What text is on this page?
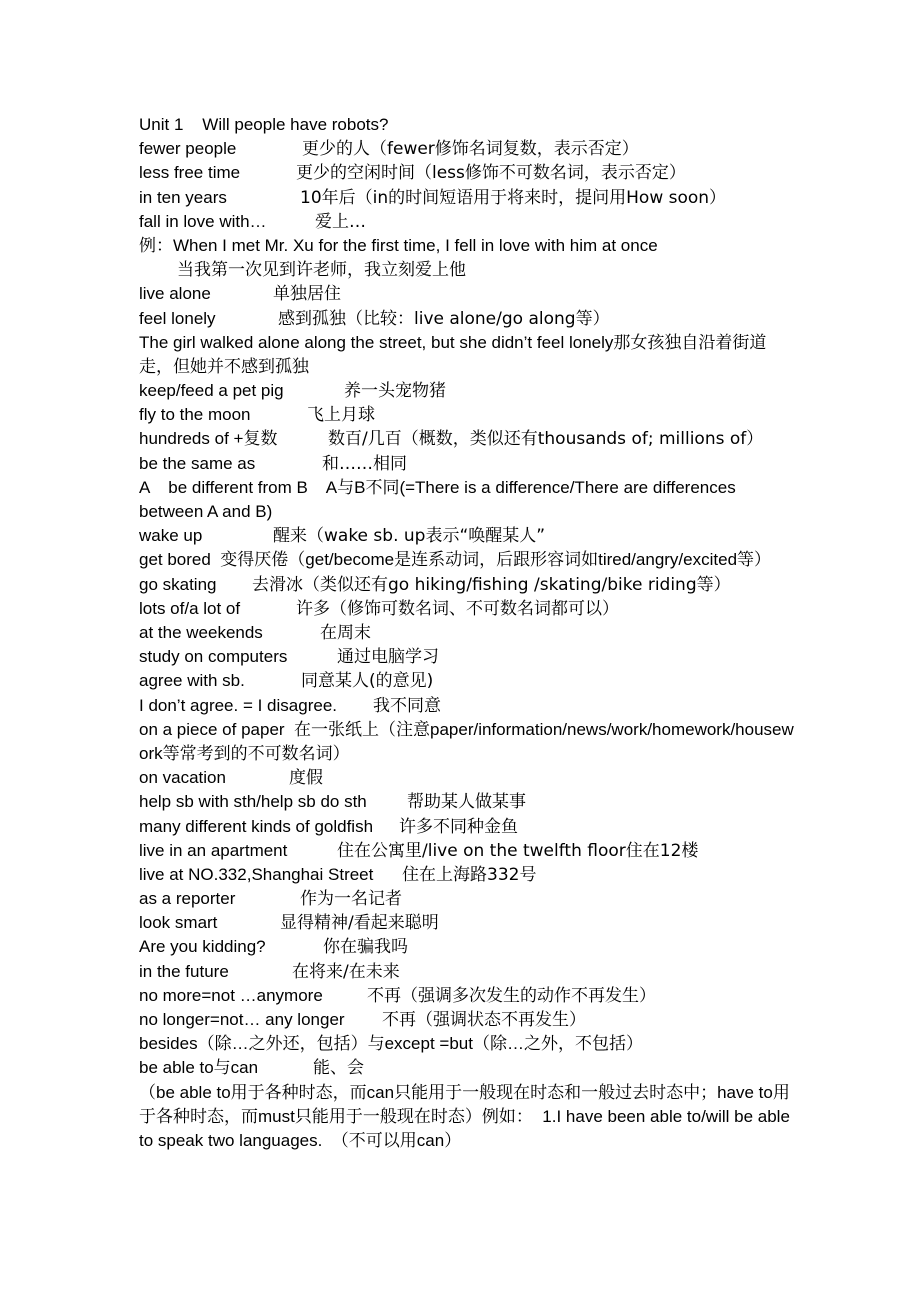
Unit 1    Will people have robots?
fewer people	更少的人（fewer修饰名词复数，表示否定）
less free time	更少的空闲时间（less修饰不可数名词，表示否定）
in ten years	10年后（in的时间短语用于将来时，提问用How soon）
fall in love with…	爱上…
例：When I met Mr. Xu for the first time, I fell in love with him at once
当我第一次见到许老师，我立刻爱上他
live alone	单独居住
feel lonely	感到孤独（比较：live alone/go along等）
The girl walked alone along the street, but she didn’t feel lonely那女孩独自沿着街道走，但她并不感到孤独
keep/feed a pet pig	养一头宠物猪
fly to the moon	飞上月球
hundreds of +复数	数百/几百（概数，类似还有thousands of; millions of）
be the same as	和……相同
A    be different from B    A与B不同(=There is a difference/There are differences between A and B)
wake up	醒来（wake sb. up表示“唤醒某人”
get bored  变得厌倦（get/become是连系动词，后跟形容词如tired/angry/excited等）
go skating 去滑冰（类似还有go hiking/fishing /skating/bike riding等）
lots of/a lot of	许多（修饰可数名词、不可数名词都可以）
at the weekends	在周末
study on computers	通过电脑学习
agree with sb.	同意某人(的意见)
I don’t agree. = I disagree. 我不同意
on a piece of paper  在一张纸上（注意paper/information/news/work/homework/housework等常考到的不可数名词）
on vacation	度假
help sb with sth/help sb do sth 帮助某人做某事
many different kinds of goldfish 许多不同种金鱼
live in an apartment	住在公寓里/live on the twelfth floor住在12楼
live at NO.332,Shanghai Street 住在上海路332号
as a reporter	作为一名记者
look smart	显得精神/看起来聪明
Are you kidding?	你在骗我吗
in the future	在将来/在未来
no more=not …anymore	不再（强调多次发生的动作不再发生）
no longer=not… any longer 不再（强调状态不再发生）
besides（除…之外还，包括）与except =but（除…之外，不包括）
be able to与can	能、会
（be able to用于各种时态，而can只能用于一般现在时态和一般过去时态中；have to用于各种时态，而must只能用于一般现在时态）例如：  1.I have been able to/will be able to speak two languages.  （不可以用can）
